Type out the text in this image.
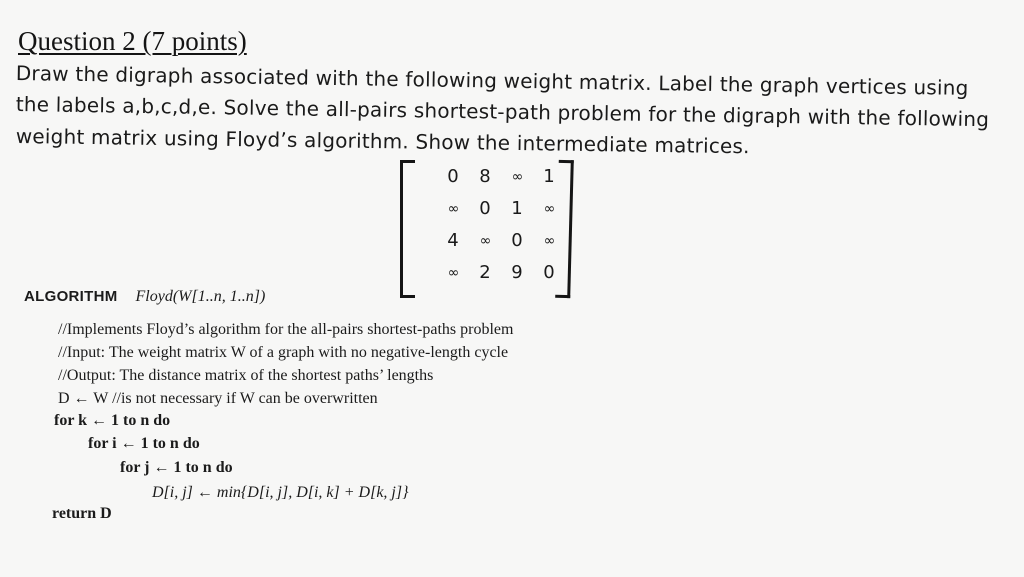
Question 2 (7 points)
Draw the digraph associated with the following weight matrix. Label the graph vertices using
the labels a,b,c,d,e. Solve the all-pairs shortest-path problem for the digraph with the following
weight matrix using Floyd’s algorithm. Show the intermediate matrices.
0	8	∞	1
∞	0	1	∞
4	∞	0	∞
∞	2	9	0
ALGORITHM Floyd(W[1..n, 1..n])
//Implements Floyd’s algorithm for the all-pairs shortest-paths problem
//Input: The weight matrix W of a graph with no negative-length cycle
//Output: The distance matrix of the shortest paths’ lengths
D ← W //is not necessary if W can be overwritten
for k ← 1 to n do
for i ← 1 to n do
for j ← 1 to n do
D[i, j] ← min{D[i, j], D[i, k] + D[k, j]}
return D
